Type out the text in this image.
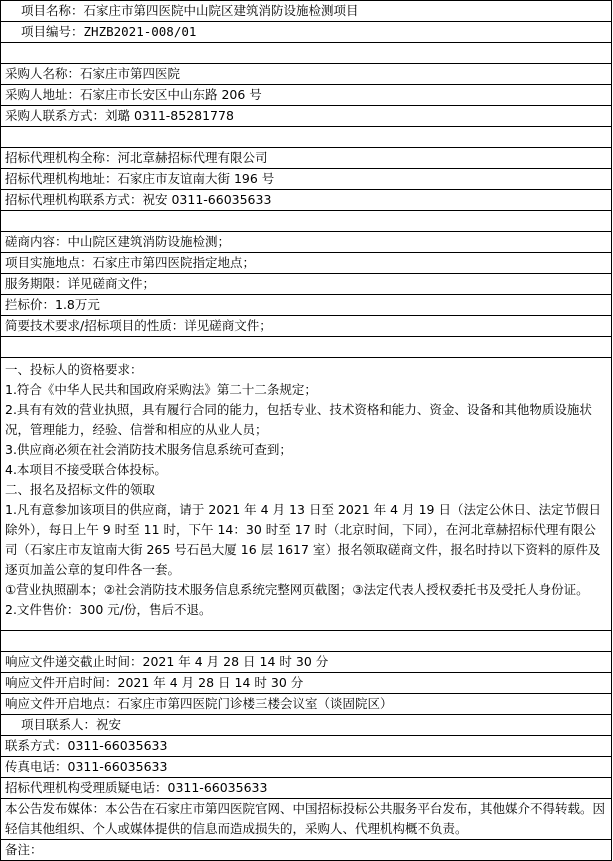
项目名称：石家庄市第四医院中山院区建筑消防设施检测项目
项目编号：ZHZB2021-008/01

采购人名称：石家庄市第四医院
采购人地址：石家庄市长安区中山东路 206 号
采购人联系方式：刘璐 0311-85281778

招标代理机构全称：河北章赫招标代理有限公司
招标代理机构地址：石家庄市友谊南大街 196 号
招标代理机构联系方式：祝安 0311-66035633

磋商内容：中山院区建筑消防设施检测；
项目实施地点：石家庄市第四医院指定地点；
服务期限：详见磋商文件；
拦标价：1.8万元
简要技术要求/招标项目的性质：详见磋商文件；

一、投标人的资格要求：
1.符合《中华人民共和国政府采购法》第二十二条规定；
2.具有有效的营业执照，具有履行合同的能力，包括专业、技术资格和能力、资金、设备和其他物质设施状况，管理能力，经验、信誉和相应的从业人员；
3.供应商必须在社会消防技术服务信息系统可查到；
4.本项目不接受联合体投标。
二、报名及招标文件的领取
1.凡有意参加该项目的供应商，请于 2021 年 4 月 13 日至 2021 年 4 月 19 日（法定公休日、法定节假日除外），每日上午 9 时至 11 时，下午 14：30 时至 17 时（北京时间，下同），在河北章赫招标代理有限公司（石家庄市友谊南大街 265 号石邑大厦 16 层 1617 室）报名领取磋商文件，报名时持以下资料的原件及逐页加盖公章的复印件各一套。
①营业执照副本；②社会消防技术服务信息系统完整网页截图；③法定代表人授权委托书及受托人身份证。
2.文件售价：300 元/份，售后不退。

响应文件递交截止时间：2021 年 4 月 28 日 14 时 30 分
响应文件开启时间：2021 年 4 月 28 日 14 时 30 分
响应文件开启地点：石家庄市第四医院门诊楼三楼会议室（谈固院区）
项目联系人：祝安
联系方式：0311-66035633
传真电话：0311-66035633
招标代理机构受理质疑电话：0311-66035633
本公告发布媒体：本公告在石家庄市第四医院官网、中国招标投标公共服务平台发布，其他媒介不得转载。因轻信其他组织、个人或媒体提供的信息而造成损失的，采购人、代理机构概不负责。
备注：
